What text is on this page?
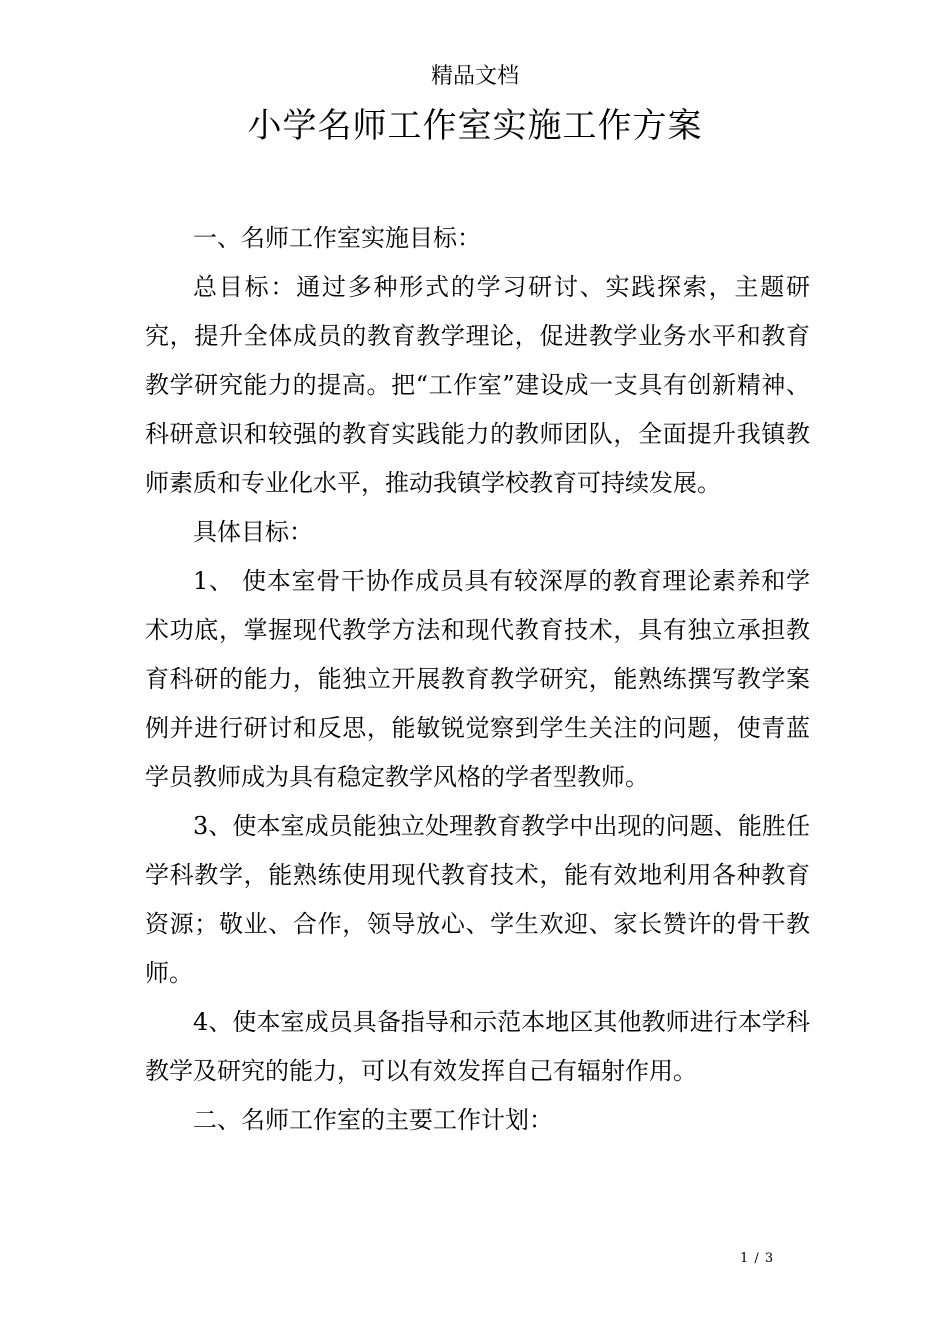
精品文档
小学名师工作室实施工作方案

一、名师工作室实施目标：

总目标：通过多种形式的学习研讨、实践探索，主题研究，提升全体成员的教育教学理论，促进教学业务水平和教育教学研究能力的提高。把“工作室”建设成一支具有创新精神、科研意识和较强的教育实践能力的教师团队，全面提升我镇教师素质和专业化水平，推动我镇学校教育可持续发展。

具体目标：

1、 使本室骨干协作成员具有较深厚的教育理论素养和学术功底，掌握现代教学方法和现代教育技术，具有独立承担教育科研的能力，能独立开展教育教学研究，能熟练撰写教学案例并进行研讨和反思，能敏锐觉察到学生关注的问题，使青蓝学员教师成为具有稳定教学风格的学者型教师。

3、使本室成员能独立处理教育教学中出现的问题、能胜任学科教学，能熟练使用现代教育技术，能有效地利用各种教育资源；敬业、合作，领导放心、学生欢迎、家长赞许的骨干教师。

4、使本室成员具备指导和示范本地区其他教师进行本学科教学及研究的能力，可以有效发挥自己有辐射作用。

二、名师工作室的主要工作计划：

1 / 3
